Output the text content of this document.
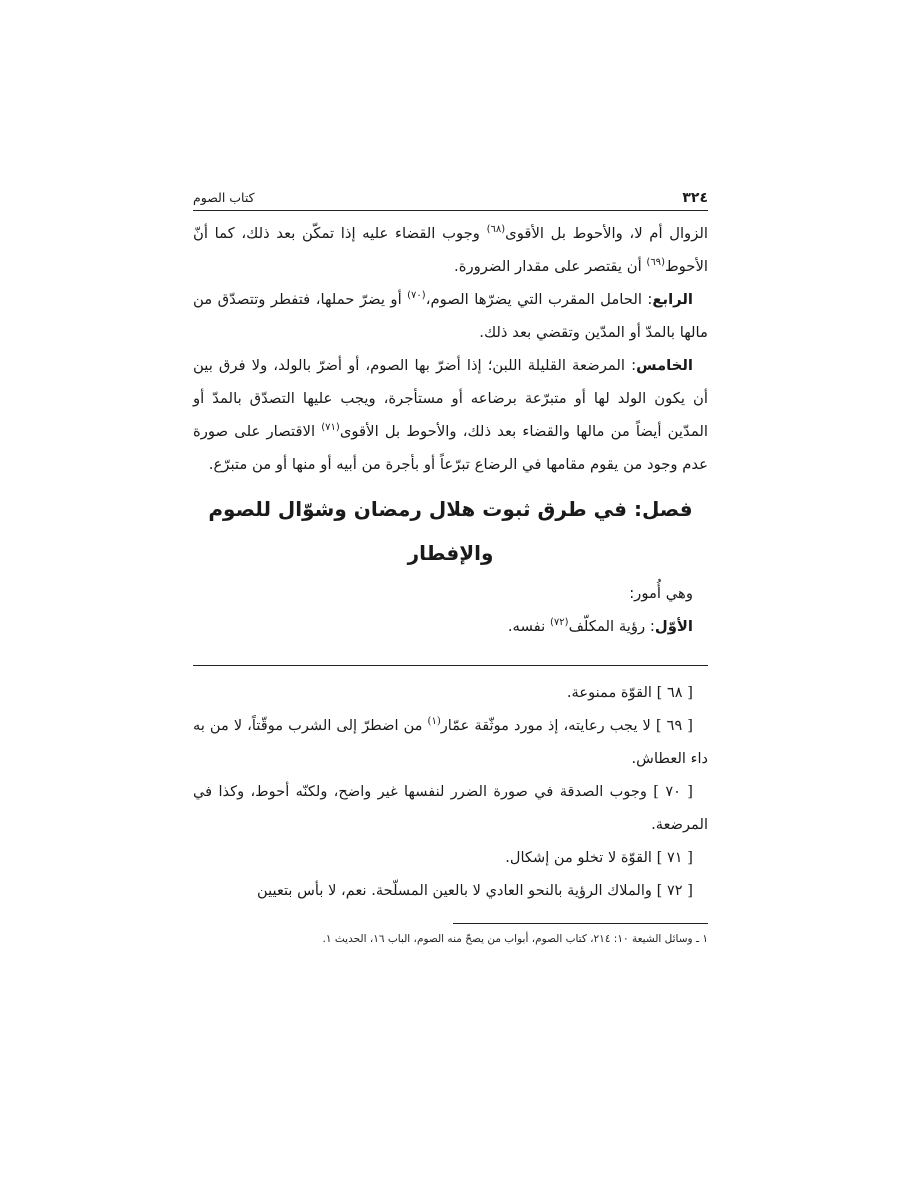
٣٢٤
كتاب الصوم

الزوال أم لا، والأحوط بل الأقوى$^{(٦٨)}$ وجوب القضاء عليه إذا تمكّن بعد ذلك، كما أنّ الأحوط$^{(٦٩)}$ أن يقتصر على مقدار الضرورة.

الرابع: الحامل المقرب التي يضرّها الصوم،$^{(٧٠)}$ أو يضرّ حملها، فتفطر وتتصدّق من مالها بالمدّ أو المدّين وتقضي بعد ذلك.

الخامس: المرضعة القليلة اللبن؛ إذا أضرّ بها الصوم، أو أضرّ بالولد، ولا فرق بين أن يكون الولد لها أو متبرّعة برضاعه أو مستأجرة، ويجب عليها التصدّق بالمدّ أو المدّين أيضاً من مالها والقضاء بعد ذلك، والأحوط بل الأقوى$^{(٧١)}$ الاقتصار على صورة عدم وجود من يقوم مقامها في الرضاع تبرّعاً أو بأجرة من أبيه أو منها أو من متبرّع.

فصل: في طرق ثبوت هلال رمضان وشوّال للصوم والإفطار

وهي أُمور:

الأوّل: رؤية المكلّف$^{(٧٢)}$ نفسه.

[ ٦٨ ] القوّة ممنوعة.

[ ٦٩ ] لا يجب رعايته، إذ مورد موثّقة عمّار$^{(١)}$ من اضطرّ إلى الشرب موقّتاً، لا من به داء العطاش.

[ ٧٠ ] وجوب الصدقة في صورة الضرر لنفسها غير واضح، ولكنّه أحوط، وكذا في المرضعة.

[ ٧١ ] القوّة لا تخلو من إشكال.

[ ٧٢ ] والملاك الرؤية بالنحو العادي لا بالعين المسلّحة. نعم، لا بأس بتعيين

١ ـ وسائل الشيعة ١٠: ٢١٤، كتاب الصوم، أبواب من يصحّ منه الصوم، الباب ١٦، الحديث ١.
